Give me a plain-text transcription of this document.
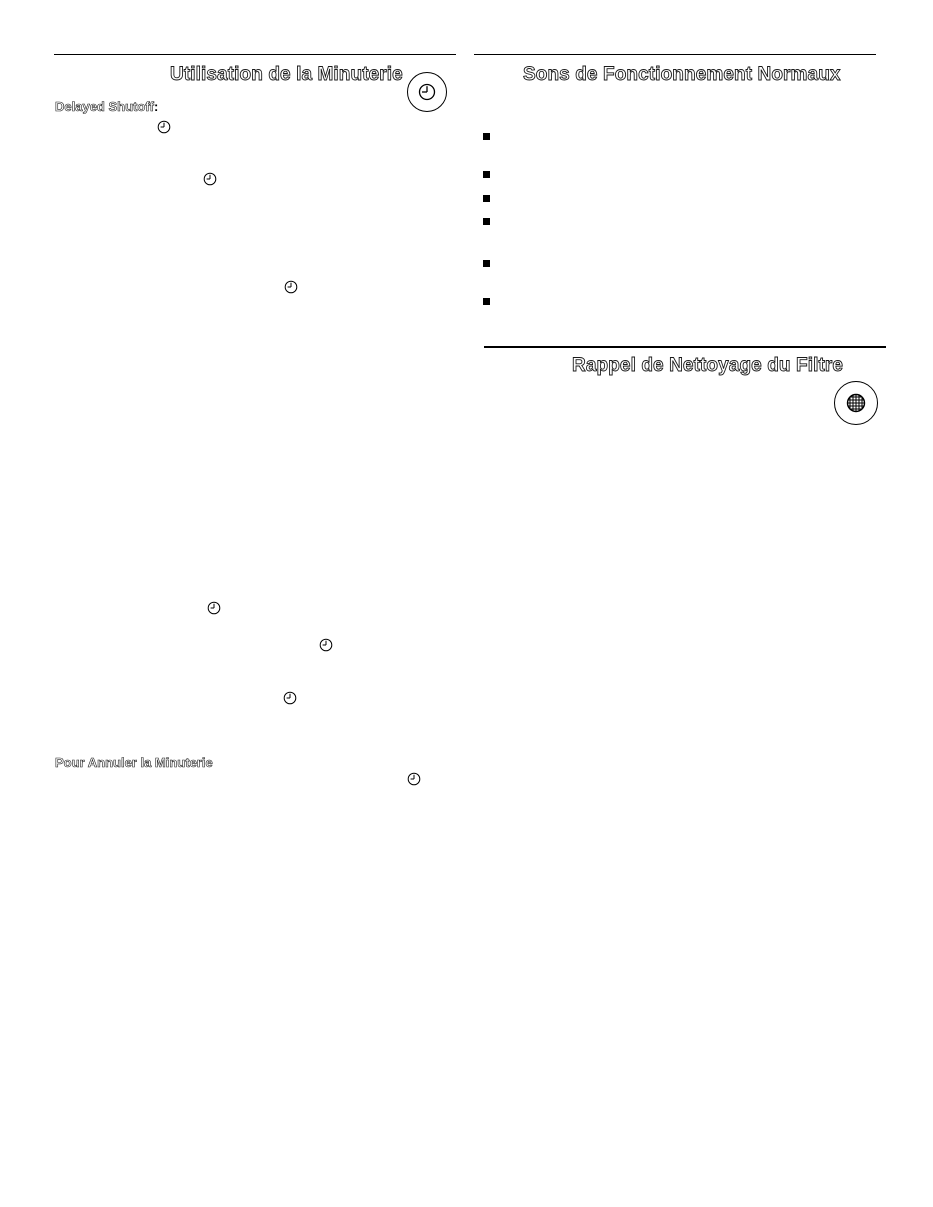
Utilisation de la Minuterie
Delayed Shutoff:
Pour Annuler la Minuterie
Sons de Fonctionnement Normaux
Rappel de Nettoyage du Filtre
